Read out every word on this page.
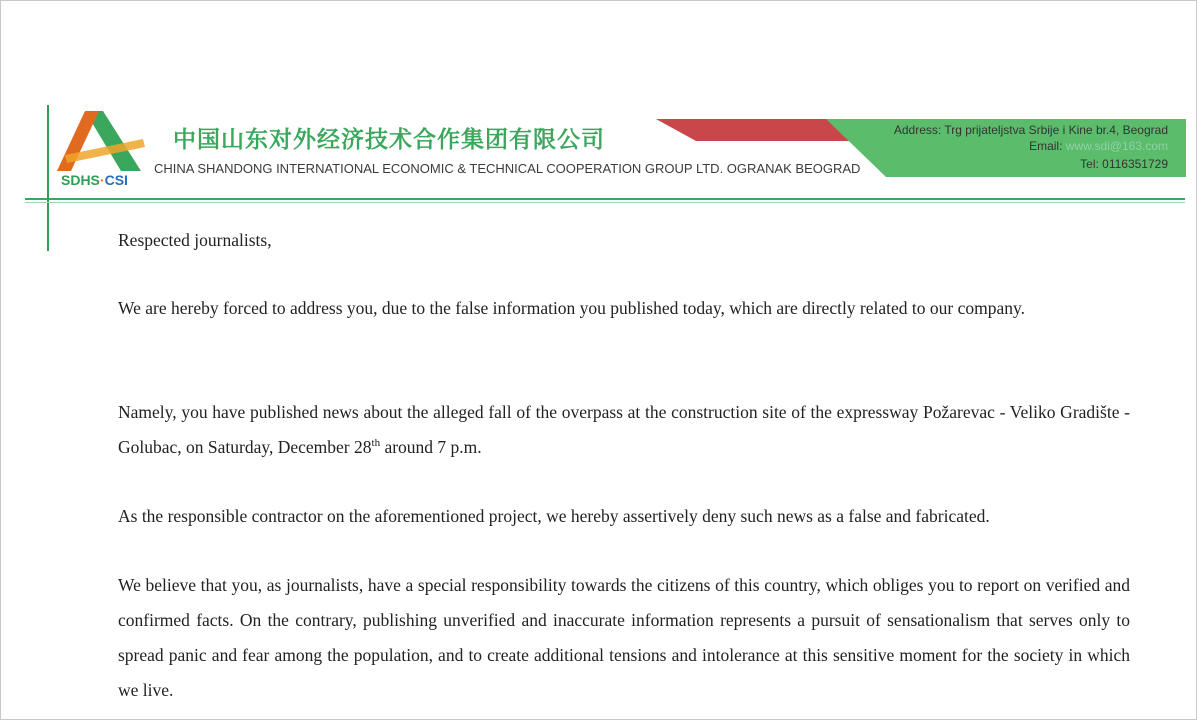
SDHS·CSI
中国山东对外经济技术合作集团有限公司
CHINA SHANDONG INTERNATIONAL ECONOMIC & TECHNICAL COOPERATION GROUP LTD. OGRANAK BEOGRAD
Address: Trg prijateljstva Srbije i Kine br.4, Beograd
Email: www.sdi@163.com
Tel: 0116351729
Respected journalists,
We are hereby forced to address you, due to the false information you published today, which are directly related to our company.
Namely, you have published news about the alleged fall of the overpass at the construction site of the expressway Požarevac - Veliko Gradište - Golubac, on Saturday, December 28th around 7 p.m.
As the responsible contractor on the aforementioned project, we hereby assertively deny such news as a false and fabricated.
We believe that you, as journalists, have a special responsibility towards the citizens of this country, which obliges you to report on verified and confirmed facts. On the contrary, publishing unverified and inaccurate information represents a pursuit of sensationalism that serves only to spread panic and fear among the population, and to create additional tensions and intolerance at this sensitive moment for the society in which we live.
